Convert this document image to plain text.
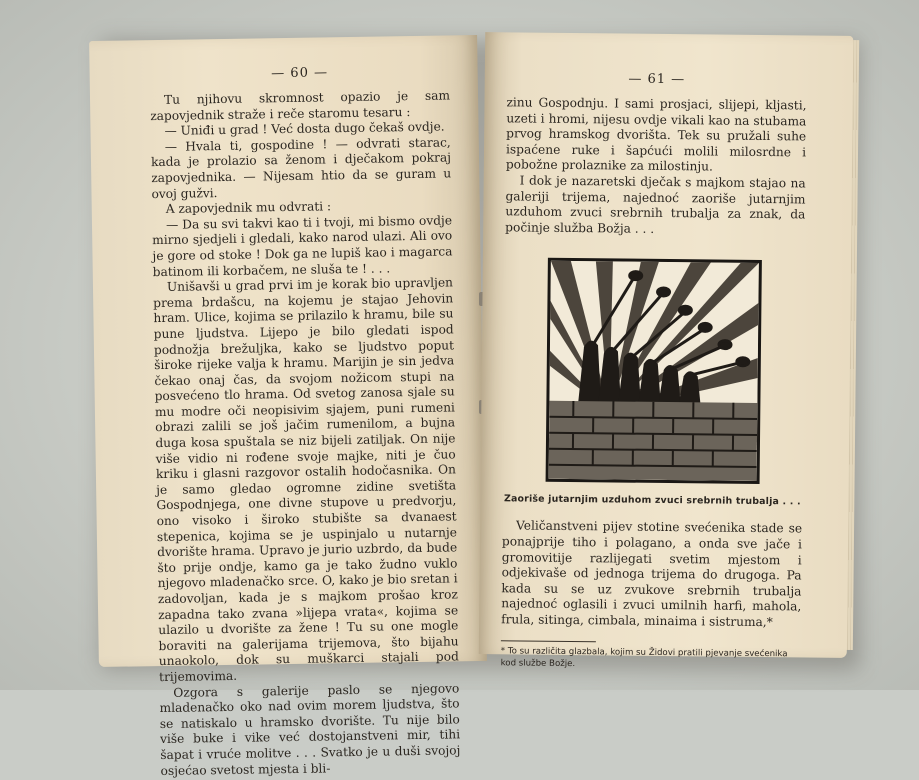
— 60 —

Tu njihovu skromnost opazio je sam zapovjednik straže i reče staromu tesaru :

— Uniđi u grad ! Već dosta dugo čekaš ovdje.

— Hvala ti, gospodine ! — odvrati starac, kada je prolazio sa ženom i dječakom pokraj zapovjednika. — Nijesam htio da se guram u ovoj gužvi.

A zapovjednik mu odvrati :

— Da su svi takvi kao ti i tvoji, mi bismo ovdje mirno sjedjeli i gledali, kako narod ulazi. Ali ovo je gore od stoke ! Dok ga ne lupiš kao i magarca batinom ili korbačem, ne sluša te ! . . .

Unišavši u grad prvi im je korak bio upravljen prema brdašcu, na kojemu je stajao Jehovin hram. Ulice, kojima se prilazilo k hramu, bile su pune ljudstva. Lijepo je bilo gledati ispod podnožja brežuljka, kako se ljudstvo poput široke rijeke valja k hramu. Marijin je sin jedva čekao onaj čas, da svojom nožicom stupi na posvećeno tlo hrama. Od svetog zanosa sjale su mu modre oči neopisivim sjajem, puni rumeni obrazi zalili se još jačim rumenilom, a bujna duga kosa spuštala se niz bijeli zatiljak. On nije više vidio ni rođene svoje majke, niti je čuo kriku i glasni razgovor ostalih hodočasnika. On je samo gledao ogromne zidine svetišta Gospodnjega, one divne stupove u predvorju, ono visoko i široko stubište sa dvanaest stepenica, kojima se je uspinjalo u nutarnje dvorište hrama. Upravo je jurio uzbrdo, da bude što prije ondje, kamo ga je tako žudno vuklo njegovo mladenačko srce. O, kako je bio sretan i zadovoljan, kada je s majkom prošao kroz zapadna tako zvana »lijepa vrata«, kojima se ulazilo u dvorište za žene ! Tu su one mogle boraviti na galerijama trijemova, što bijahu unaokolo, dok su muškarci stajali pod trijemovima.

Ozgora s galerije paslo se njegovo mladenačko oko nad ovim morem ljudstva, što se natiskalo u hramsko dvorište. Tu nije bilo više buke i vike već dostojanstveni mir, tihi šapat i vruće molitve . . . Svatko je u duši svojoj osjećao svetost mjesta i bli-

— 61 —

zinu Gospodnju. I sami prosjaci, slijepi, kljasti, uzeti i hromi, nijesu ovdje vikali kao na stubama prvog hramskog dvorišta. Tek su pružali suhe ispaćene ruke i šapćući molili milosrdne i pobožne prolaznike za milostinju.

I dok je nazaretski dječak s majkom stajao na galeriji trijema, najednoć zaoriše jutarnjim uzduhom zvuci srebrnih trubalja za znak, da počinje služba Božja . . .

Zaoriše jutarnjim uzduhom zvuci srebrnih trubalja . . .

Veličanstveni pijev stotine svećenika stade se ponajprije tiho i polagano, a onda sve jače i gromovitije razlijegati svetim mjestom i odjekivaše od jednoga trijema do drugoga. Pa kada su se uz zvukove srebrnih trubalja najednoć oglasili i zvuci umilnih harfi, mahola, frula, sitinga, cimbala, minaima i sistruma,*

* To su različita glazbala, kojim su Židovi pratili pjevanje svećenika kod službe Božje.
